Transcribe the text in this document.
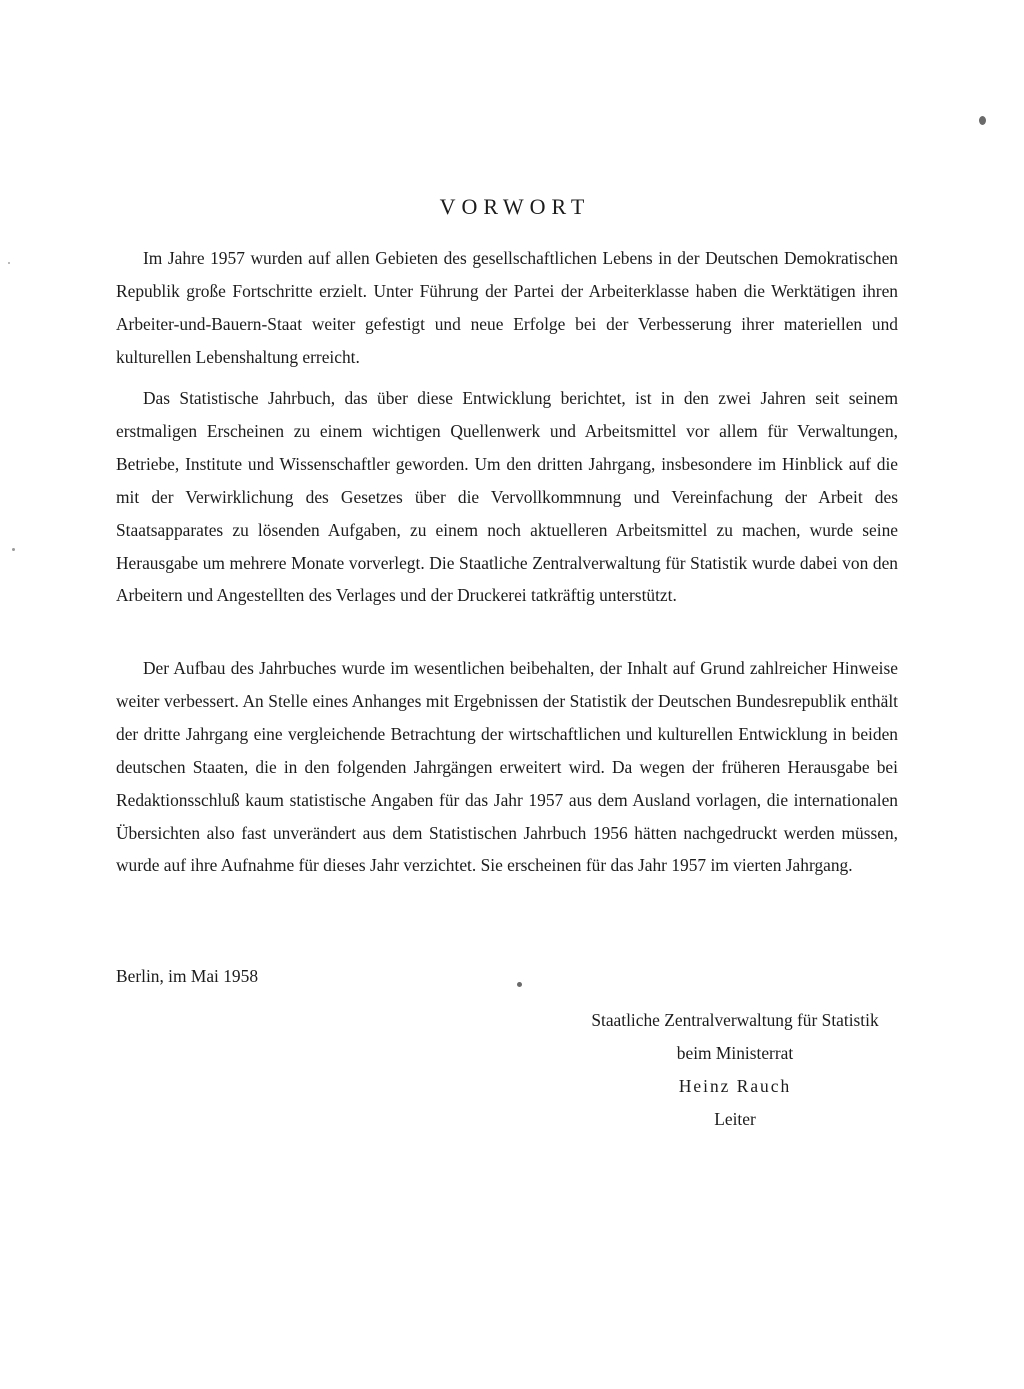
VORWORT

Im Jahre 1957 wurden auf allen Gebieten des gesellschaftlichen Lebens in der Deutschen Demokratischen Republik große Fortschritte erzielt. Unter Führung der Partei der Arbeiterklasse haben die Werktätigen ihren Arbeiter-und-Bauern-Staat weiter gefestigt und neue Erfolge bei der Verbesserung ihrer materiellen und kulturellen Lebenshaltung erreicht.

Das Statistische Jahrbuch, das über diese Entwicklung berichtet, ist in den zwei Jahren seit seinem erstmaligen Erscheinen zu einem wichtigen Quellenwerk und Arbeitsmittel vor allem für Verwaltungen, Betriebe, Institute und Wissenschaftler geworden. Um den dritten Jahrgang, insbesondere im Hinblick auf die mit der Verwirklichung des Gesetzes über die Vervollkommnung und Vereinfachung der Arbeit des Staatsapparates zu lösenden Aufgaben, zu einem noch aktuelleren Arbeitsmittel zu machen, wurde seine Herausgabe um mehrere Monate vorverlegt. Die Staatliche Zentralverwaltung für Statistik wurde dabei von den Arbeitern und Angestellten des Verlages und der Druckerei tatkräftig unterstützt.

Der Aufbau des Jahrbuches wurde im wesentlichen beibehalten, der Inhalt auf Grund zahlreicher Hinweise weiter verbessert. An Stelle eines Anhanges mit Ergebnissen der Statistik der Deutschen Bundesrepublik enthält der dritte Jahrgang eine vergleichende Betrachtung der wirtschaftlichen und kulturellen Entwicklung in beiden deutschen Staaten, die in den folgenden Jahrgängen erweitert wird. Da wegen der früheren Herausgabe bei Redaktionsschluß kaum statistische Angaben für das Jahr 1957 aus dem Ausland vorlagen, die internationalen Übersichten also fast unverändert aus dem Statistischen Jahrbuch 1956 hätten nachgedruckt werden müssen, wurde auf ihre Aufnahme für dieses Jahr verzichtet. Sie erscheinen für das Jahr 1957 im vierten Jahrgang.

Berlin, im Mai 1958
Staatliche Zentralverwaltung für Statistik
beim Ministerrat
Heinz Rauch
Leiter
